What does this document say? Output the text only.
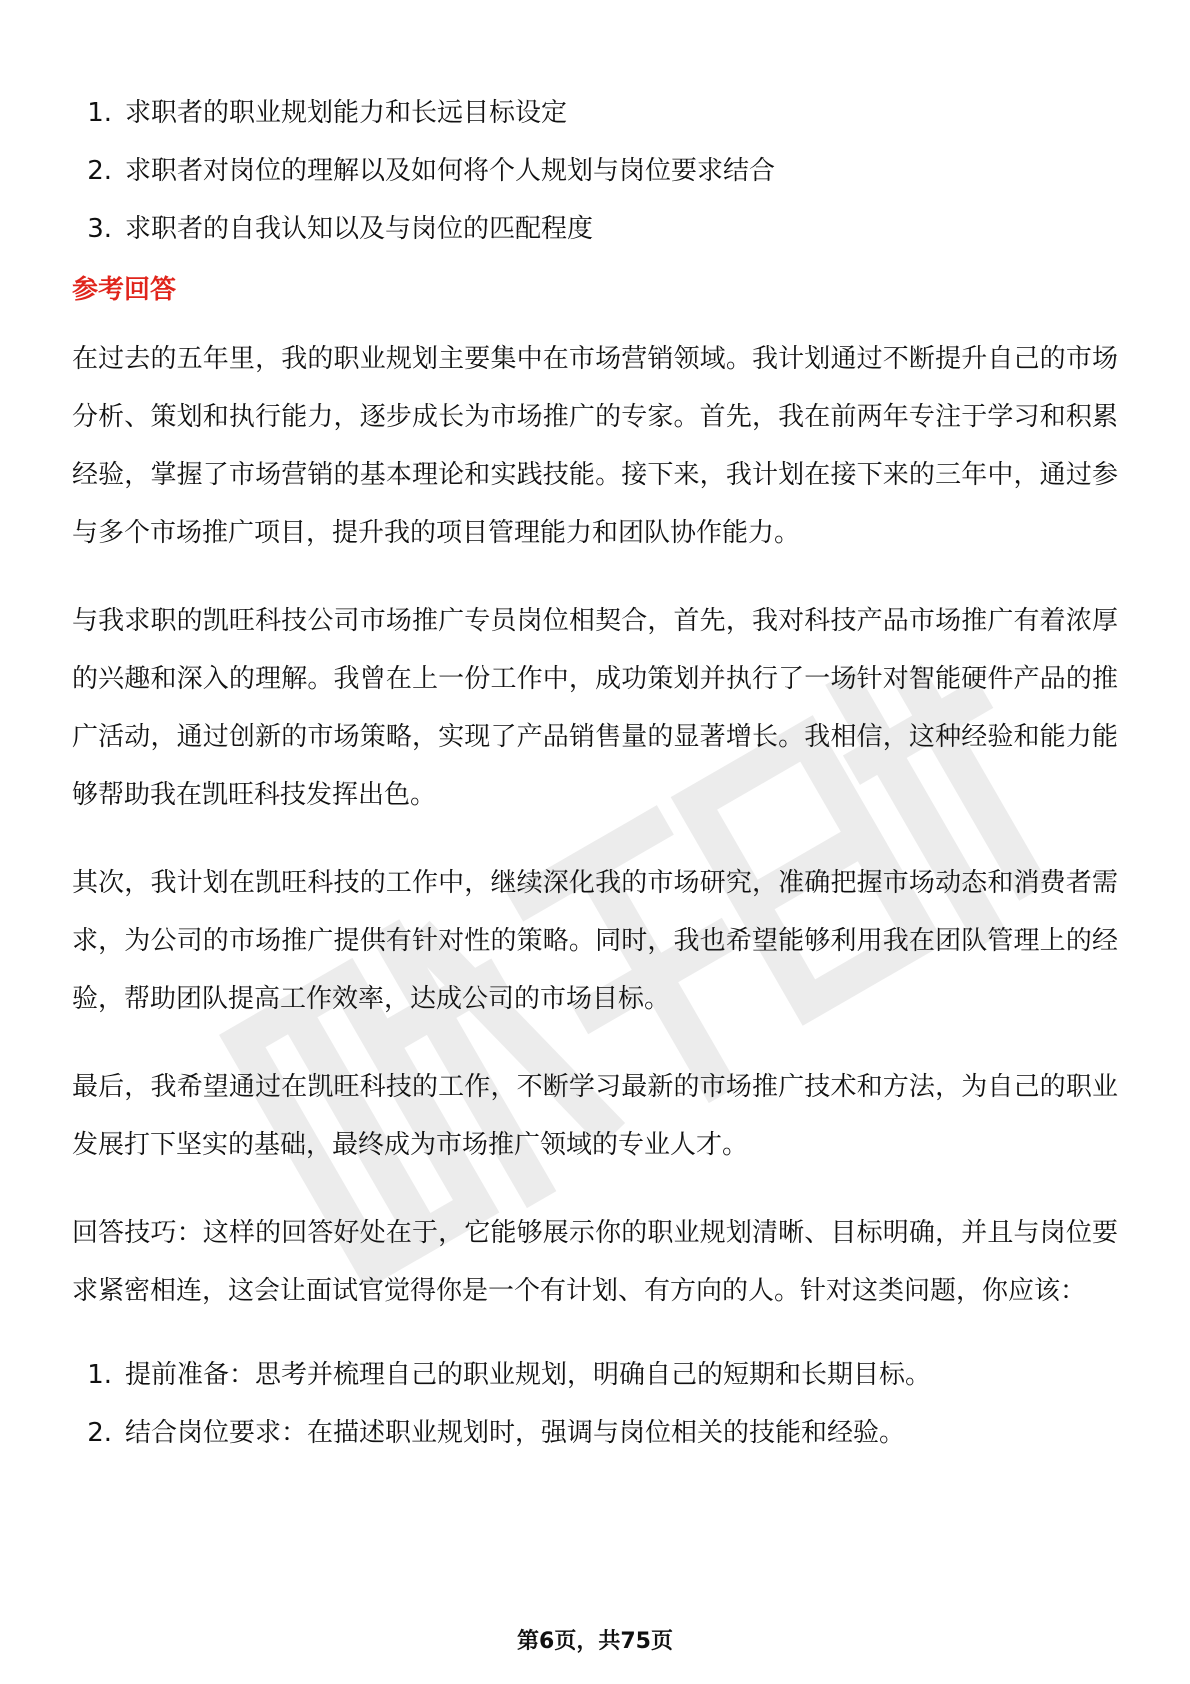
1. 求职者的职业规划能力和长远目标设定
2. 求职者对岗位的理解以及如何将个人规划与岗位要求结合
3. 求职者的自我认知以及与岗位的匹配程度
参考回答

在过去的五年里，我的职业规划主要集中在市场营销领域。我计划通过不断提升自己的市场分析、策划和执行能力，逐步成长为市场推广的专家。首先，我在前两年专注于学习和积累经验，掌握了市场营销的基本理论和实践技能。接下来，我计划在接下来的三年中，通过参与多个市场推广项目，提升我的项目管理能力和团队协作能力。

与我求职的凯旺科技公司市场推广专员岗位相契合，首先，我对科技产品市场推广有着浓厚的兴趣和深入的理解。我曾在上一份工作中，成功策划并执行了一场针对智能硬件产品的推广活动，通过创新的市场策略，实现了产品销售量的显著增长。我相信，这种经验和能力能够帮助我在凯旺科技发挥出色。

其次，我计划在凯旺科技的工作中，继续深化我的市场研究，准确把握市场动态和消费者需求，为公司的市场推广提供有针对性的策略。同时，我也希望能够利用我在团队管理上的经验，帮助团队提高工作效率，达成公司的市场目标。

最后，我希望通过在凯旺科技的工作，不断学习最新的市场推广技术和方法，为自己的职业发展打下坚实的基础，最终成为市场推广领域的专业人才。

回答技巧：这样的回答好处在于，它能够展示你的职业规划清晰、目标明确，并且与岗位要求紧密相连，这会让面试官觉得你是一个有计划、有方向的人。针对这类问题，你应该：

1. 提前准备：思考并梳理自己的职业规划，明确自己的短期和长期目标。
2. 结合岗位要求：在描述职业规划时，强调与岗位相关的技能和经验。
第6页，共75页
